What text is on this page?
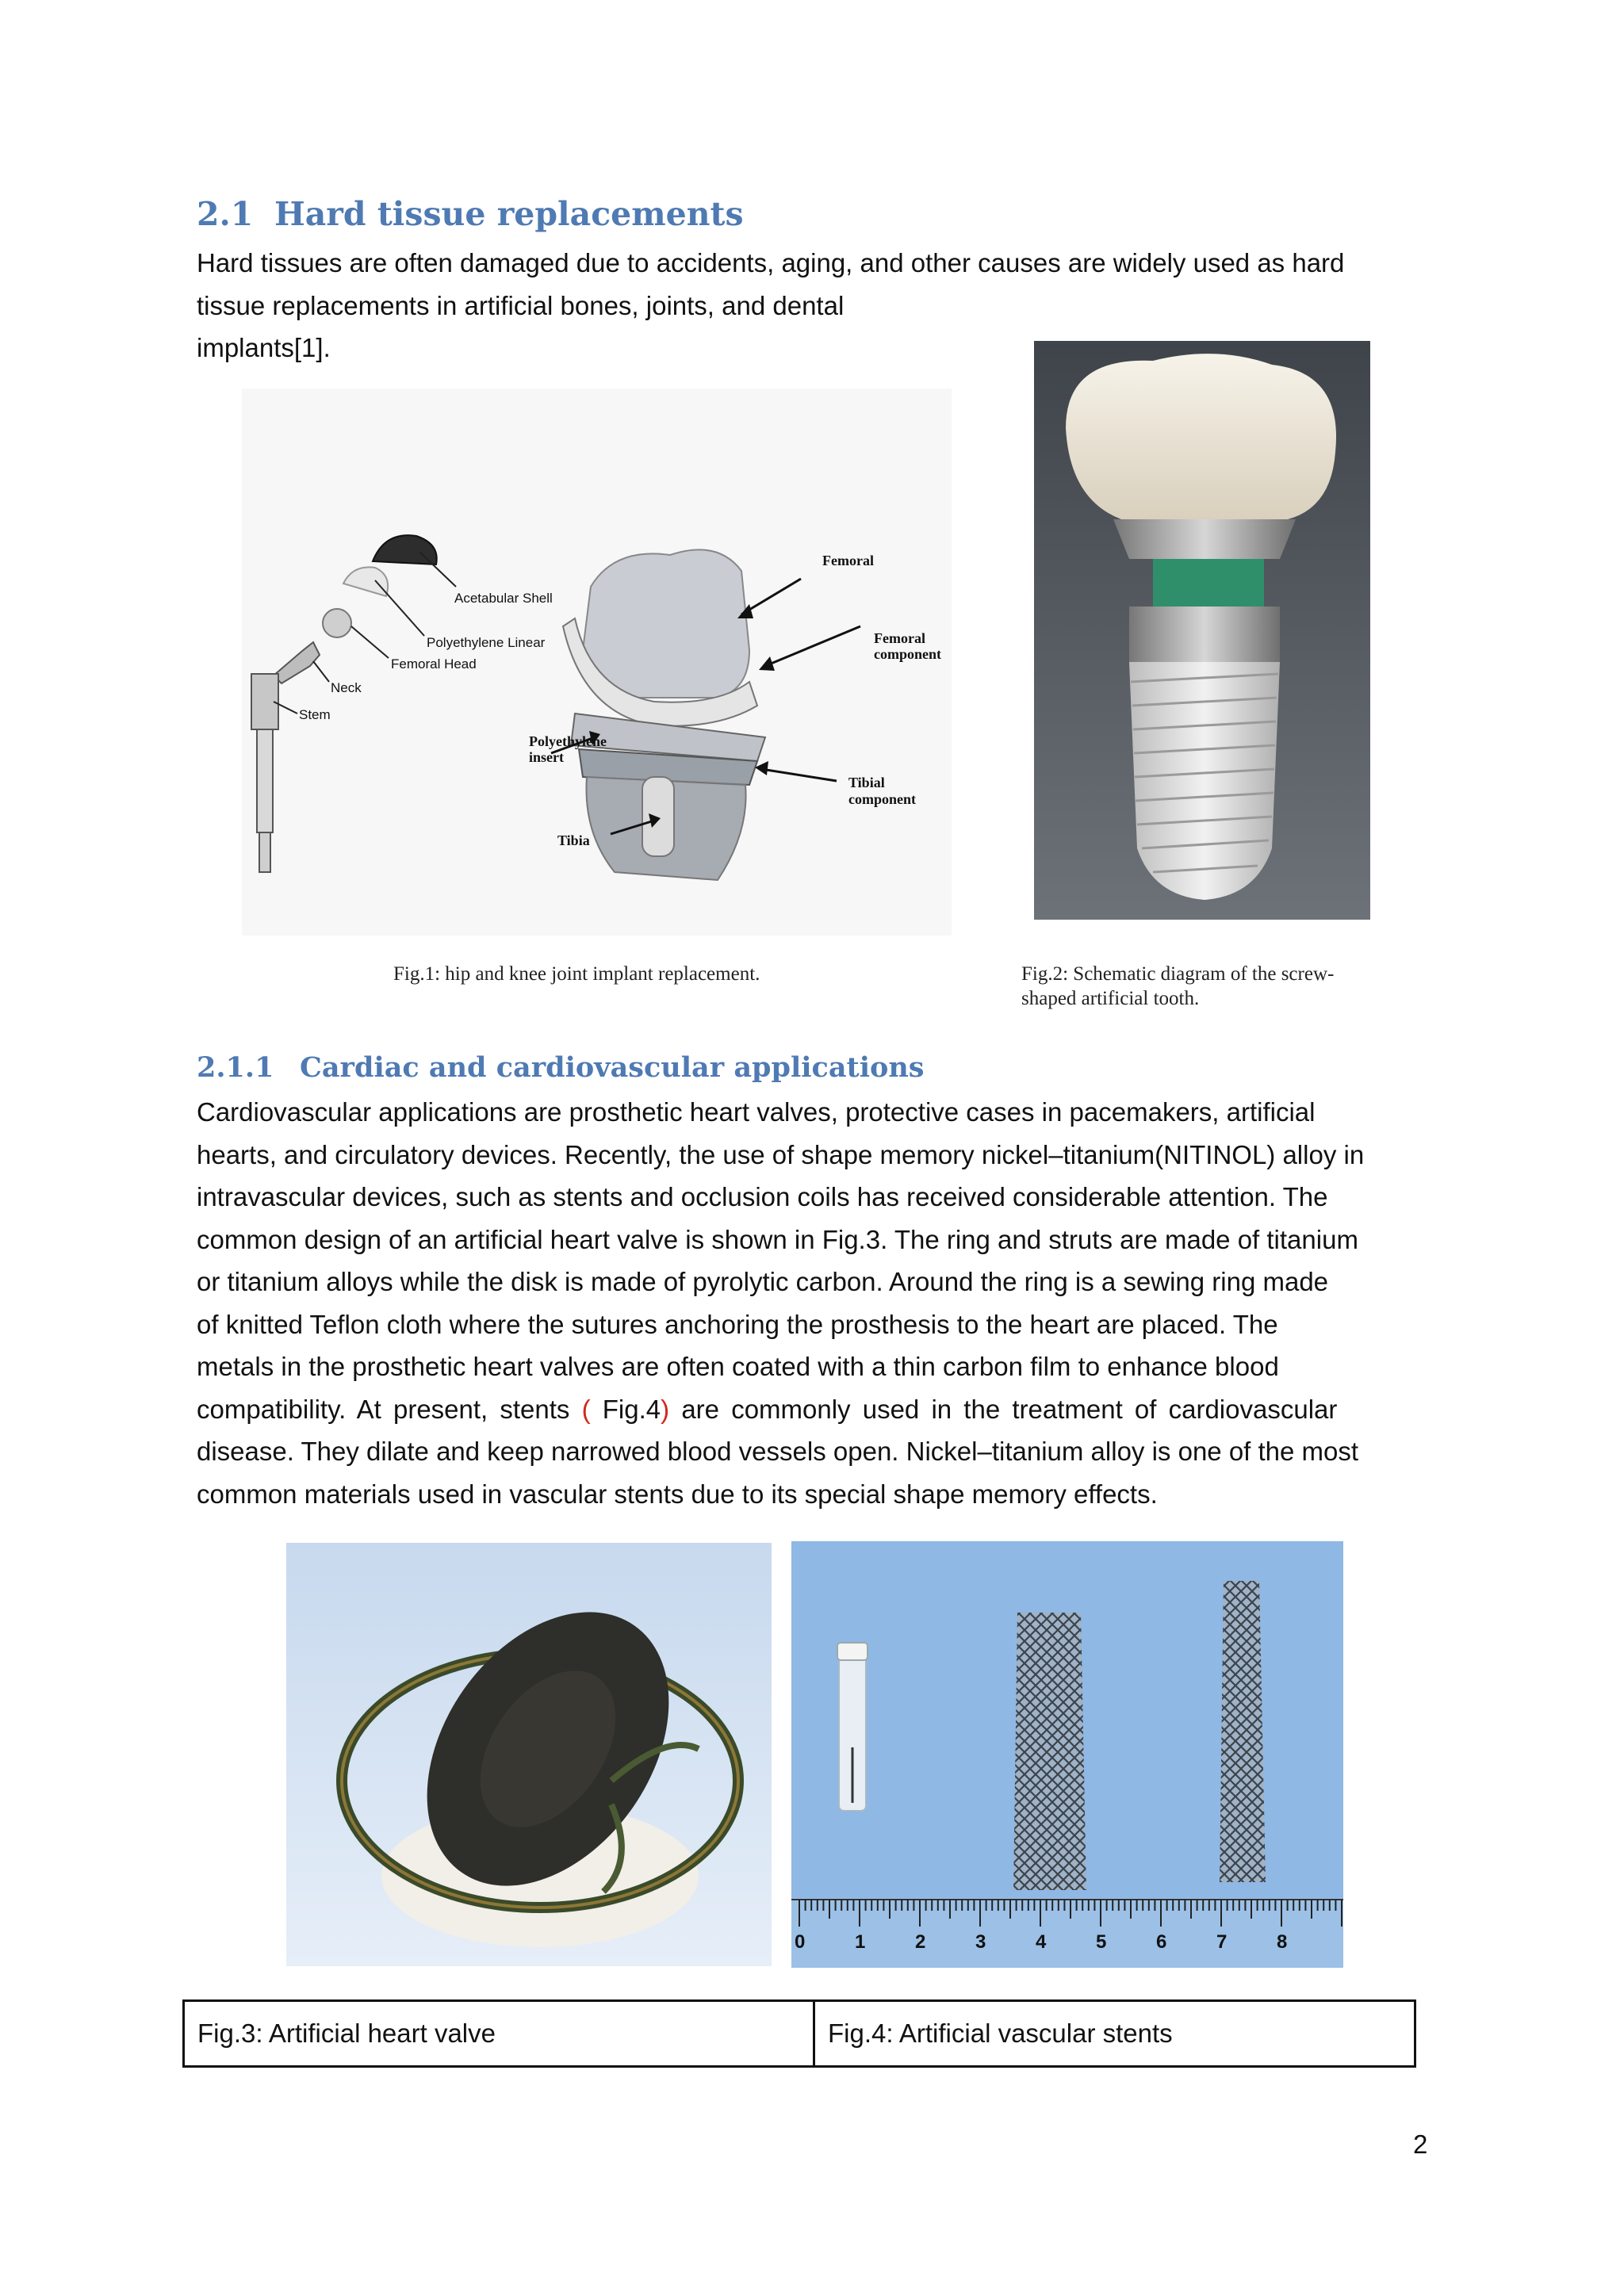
2.1 Hard tissue replacements
Hard tissues are often damaged due to accidents, aging, and other causes are widely used as hard
tissue replacements in artificial bones, joints, and dental
implants[1].
Acetabular Shell
Polyethylene Linear
Femoral Head
Neck
Stem
Femoral
Femoral
component
Polyethylene
insert
Tibial component
Tibia
Fig.1: hip and knee joint implant replacement.	Fig.2: Schematic diagram of the screw-
shaped artificial tooth.
2.1.1 Cardiac and cardiovascular applications
Cardiovascular applications are prosthetic heart valves, protective cases in pacemakers, artificial
hearts, and circulatory devices. Recently, the use of shape memory nickel–titanium(NITINOL) alloy in
intravascular devices, such as stents and occlusion coils has received considerable attention. The
common design of an artificial heart valve is shown in Fig.3. The ring and struts are made of titanium
or titanium alloys while the disk is made of pyrolytic carbon. Around the ring is a sewing ring made
of knitted Teflon cloth where the sutures anchoring the prosthesis to the heart are placed. The
metals in the prosthetic heart valves are often coated with a thin carbon film to enhance blood
compatibility. At present, stents ( Fig.4) are commonly used in the treatment of cardiovascular
disease. They dilate and keep narrowed blood vessels open. Nickel–titanium alloy is one of the most
common materials used in vascular stents due to its special shape memory effects.
0	1	2	3	4	5	6	7	8
Fig.3: Artificial heart valve	Fig.4: Artificial vascular stents
2
